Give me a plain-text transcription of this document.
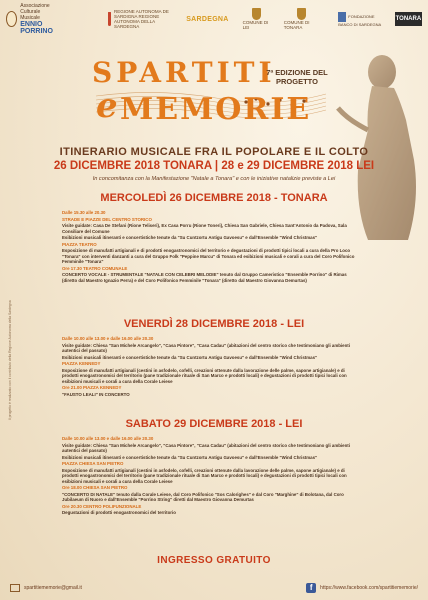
Associazione Culturale
Musicale
ENNIO PORRINO
REGIONE AUTONOMA DE SARDIGNA REGIONE AUTONOMA DELLA SARDEGNA
SARDEGNA	COMUNE DI LEI
COMUNE DI TONARA
FONDAZIONE BANCO DI SARDEGNA
TONARA
SPARTITI
e MEMORIE
7ª EDIZIONE DEL PROGETTO
ITINERARIO MUSICALE FRA IL POPOLARE E IL COLTO
26 DICEMBRE 2018 TONARA | 28 e 29 DICEMBRE 2018 LEI
In concomitanza con la Manifestazione "Natale a Tonara" e con le iniziative natalizie previste a Lei
MERCOLEDÌ 26 DICEMBRE 2018 - TONARA

Dalle 15.30 alle 20.30

STRADE E PIAZZE DEL CENTRO STORICO

Visite guidate: Casa De Stefani (Rione Teliseri), Ex Casa Porru (Rione Toneri), Chiesa San Gabriele, Chiesa Sant'Antonio da Padova, Sala Consiliare del Comune

Esibizioni musicali itineranti e concertistiche tenute da "Su Cuntzortu Antigu Gavoesu" e dall'Ensemble "Wind Christmas"

PIAZZA TEATRO

Esposizione di manufatti artigianali e di prodotti enogastronomici del territorio e degustazioni di prodotti tipici locali a cura della Pro Loco "Tonara" con interventi danzanti a cura del Gruppo Folk "Peppine Marcu" di Tonara ed esibizioni musicali e corali a cura del Coro Polifonico Femminile "Tonara"

Ore 17.30 TEATRO COMUNALE

CONCERTO VOCALE - STRUMENTALE "NATALE CON CELEBRI MELODIE" tenuto dal Gruppo Cameristico "Ensemble Porrino" di Rimas (diretto dal Maestro Ignazio Perra) e del Coro Polifonico Femminile "Tonara" (diretto dal Maestro Giovanna Demurtas)

VENERDÌ 28 DICEMBRE 2018 - LEI

Dalle 10.00 alle 13.00 e dalle 16.00 alle 20.30

Visite guidate: Chiesa "San Michele Arcangelo", "Casa Pintore", "Casa Cadau" (abitazioni del centro storico che testimoniano gli ambienti autentici del passato)

Esibizioni musicali itineranti e concertistiche tenute da "Su Cuntzortu Antigu Gavoesu" e dall'Ensemble "Wind Christmas"

PIAZZA KENNEDY

Esposizione di manufatti artigianali (cestini in asfodelo, cofelli, creazioni ottenute dalla lavorazione delle palme, sapone artigianale) e di prodotti enogastronomici del territorio (pane tradizionale rituale di San Marco e prodotti locali) e degustazioni di prodotti tipici locali con esibizioni musicali e corali a cura della Corale Leiese

Ore 21.00 PIAZZA KENNEDY

"FAUSTO LEALI" IN CONCERTO

SABATO 29 DICEMBRE 2018 - LEI

Dalle 10.00 alle 13.00 e dalle 16.00 alle 20.30

Visite guidate: Chiesa "San Michele Arcangelo", "Casa Pintore", "Casa Cadau" (abitazioni del centro storico che testimoniano gli ambienti autentici del passato)

Esibizioni musicali itineranti e concertistiche tenute da "Su Cuntzortu Antigu Gavoesu" e dall'Ensemble "Wind Christmas"

PIAZZA CHIESA SAN PIETRO

Esposizione di manufatti artigianali (cestini in asfodelo, cofelli, creazioni ottenute dalla lavorazione delle palme, sapone artigianale) e di prodotti enogastronomici del territorio (pane tradizionale rituale di San Marco e prodotti locali) e degustazioni di prodotti tipici locali con esibizioni musicali e corali a cura della Corale Leiese

Ore 18.00 CHIESA SAN PIETRO

"CONCERTO DI NATALE" tenuto dalla Corale Leiese, dal Coro Polifonico "Sos Calorighes" e dal Coro "Marghine" di Bolotana, dal Coro Jubilaeum di Nuoro e dall'Ensemble "Porrino String" diretti dal Maestro Giovanna Demurtas

Ore 20.30 CENTRO POLIFUNZIONALE

Degustazioni di prodotti enogastronomici del territorio

Il progetto è realizzato con il contributo della Regione Autonoma della Sardegna
INGRESSO GRATUITO
spartitiememorie@gmail.it	f	https://www.facebook.com/spartitiememorie/
